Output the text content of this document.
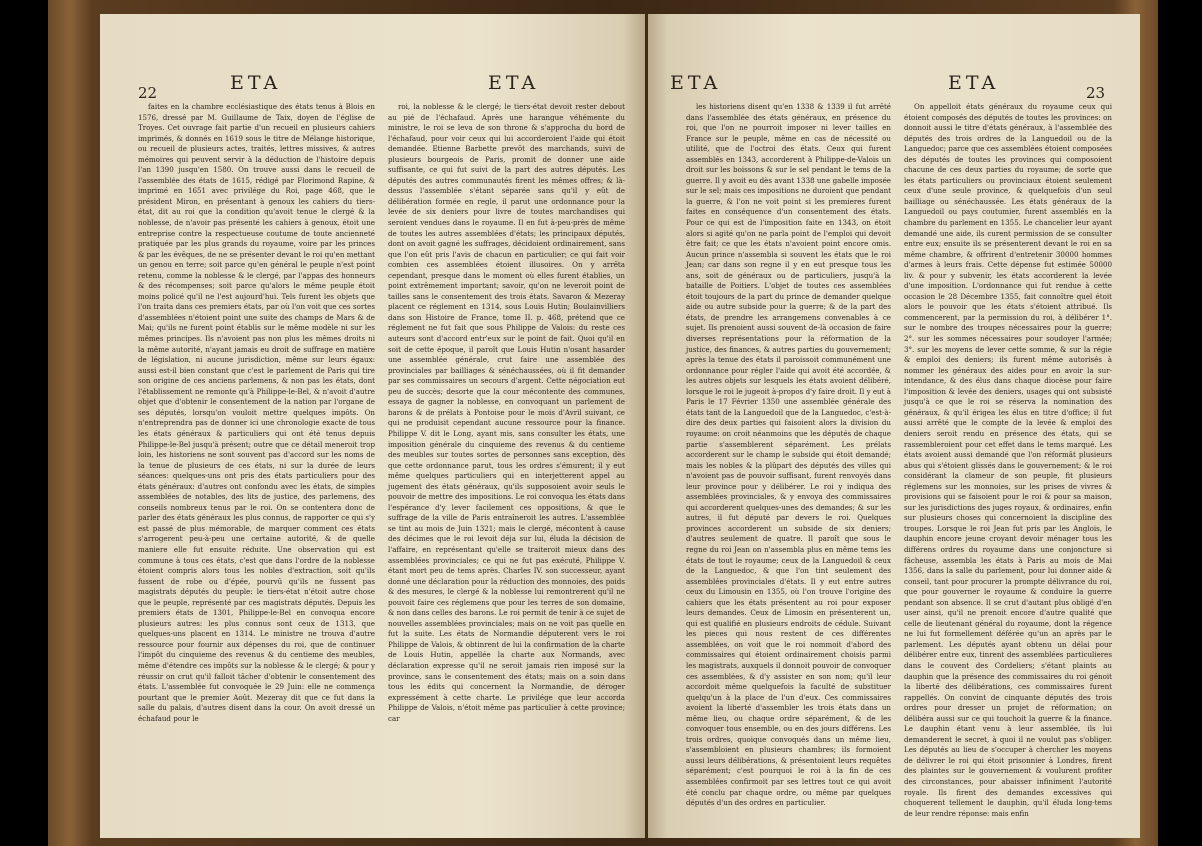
22	ETA	ETA

faites en la chambre ecclésiastique des états tenus à Blois en 1576, dressé par M. Guillaume de Taix, doyen de l'église de Troyes. Cet ouvrage fait partie d'un recueil en plusieurs cahiers imprimés, & donnés en 1619 sous le titre de Mélange historique, ou recueil de plusieurs actes, traités, lettres missives, & autres mémoires qui peuvent servir à la déduction de l'histoire depuis l'an 1390 jusqu'en 1580. On trouve aussi dans le recueil de l'assemblée des états de 1615, rédigé par Florimond Rapine, & imprimé en 1651 avec privilége du Roi, page 468, que le président Miron, en présentant à genoux les cahiers du tiers-état, dit au roi que la condition qu'avoit tenue le clergé & la noblesse, de n'avoir pas présenté les cahiers à genoux, étoit une entreprise contre la respectueuse coutume de toute ancienneté pratiquée par les plus grands du royaume, voire par les princes & par les évêques, de ne se présenter devant le roi qu'en mettant un genou en terre; soit parce qu'en général le peuple n'est point retenu, comme la noblesse & le clergé, par l'appas des honneurs & des récompenses; soit parce qu'alors le même peuple étoit moins policé qu'il ne l'est aujourd'hui. Tels furent les objets que l'on traita dans ces premiers états, par où l'on voit que ces sortes d'assemblées n'étoient point une suite des champs de Mars & de Mai; qu'ils ne furent point établis sur le même modèle ni sur les mêmes principes. Ils n'avoient pas non plus les mêmes droits ni la même autorité, n'ayant jamais eu droit de suffrage en matière de législation, ni aucune jurisdiction, même sur leurs égaux: aussi est-il bien constant que c'est le parlement de Paris qui tire son origine de ces anciens parlemens, & non pas les états, dont l'établissement ne remonte qu'à Philippe-le-Bel, & n'avoit d'autre objet que d'obtenir le consentement de la nation par l'organe de ses députés, lorsqu'on vouloit mettre quelques impôts. On n'entreprendra pas de donner ici une chronologie exacte de tous les états généraux & particuliers qui ont été tenus depuis Philippe-le-Bel jusqu'à présent; outre que ce détail meneroit trop loin, les historiens ne sont souvent pas d'accord sur les noms de la tenue de plusieurs de ces états, ni sur la durée de leurs séances: quelques-uns ont pris des états particuliers pour des états généraux: d'autres ont confondu avec les états, de simples assemblées de notables, des lits de justice, des parlemens, des conseils nombreux tenus par le roi. On se contentera donc de parler des états généraux les plus connus, de rapporter ce qui s'y est passé de plus mémorable, de marquer comment ces états s'arrogerent peu-à-peu une certaine autorité, & de quelle maniere elle fut ensuite réduite. Une observation qui est commune à tous ces états, c'est que dans l'ordre de la noblesse étoient compris alors tous les nobles d'extraction, soit qu'ils fussent de robe ou d'épée, pourvû qu'ils ne fussent pas magistrats députés du peuple: le tiers-état n'étoit autre chose que le peuple, représenté par ces magistrats députés. Depuis les premiers états de 1301, Philippe-le-Bel en convoqua encore plusieurs autres: les plus connus sont ceux de 1313, que quelques-uns placent en 1314. Le ministre ne trouva d'autre ressource pour fournir aux dépenses du roi, que de continuer l'impôt du cinquieme des revenus & du centieme des meubles, même d'étendre ces impôts sur la noblesse & le clergé; & pour y réussir on crut qu'il falloit tâcher d'obtenir le consentement des états. L'assemblée fut convoquée le 29 Juin: elle ne commença pourtant que le premier Août. Mezeray dit que ce fut dans la salle du palais, d'autres disent dans la cour. On avoit dressé un échafaud pour le

roi, la noblesse & le clergé; le tiers-état devoit rester debout au pié de l'échafaud. Après une harangue véhémente du ministre, le roi se leva de son throne & s'approcha du bord de l'échafaud, pour voir ceux qui lui accorderoient l'aide qui étoit demandée. Etienne Barbette prevôt des marchands, suivi de plusieurs bourgeois de Paris, promit de donner une aide suffisante, ce qui fut suivi de la part des autres députés. Les députés des autres communautés firent les mêmes offres; & là-dessus l'assemblée s'étant séparée sans qu'il y eût de délibération formée en regle, il parut une ordonnance pour la levée de six deniers pour livre de toutes marchandises qui seroient vendues dans le royaume. Il en fut à-peu-près de même de toutes les autres assemblées d'états; les principaux députés, dont on avoit gagné les suffrages, décidoient ordinairement, sans que l'on eût pris l'avis de chacun en particulier; ce qui fait voir combien ces assemblées étoient illusoires. On y arrêta cependant, presque dans le moment où elles furent établies, un point extrêmement important; savoir, qu'on ne leveroit point de tailles sans le consentement des trois états. Savaron & Mezeray placent ce réglement en 1314, sous Louis Hutin; Boulainvilliers dans son Histoire de France, tome II. p. 468, prétend que ce réglement ne fut fait que sous Philippe de Valois: du reste ces auteurs sont d'accord entr'eux sur le point de fait. Quoi qu'il en soit de cette époque, il paroît que Louis Hutin n'osant hasarder une assemblée générale, crut faire une assemblée des provinciales par bailliages & sénéchaussées, où il fit demander par ses commissaires un secours d'argent. Cette négociation eut peu de succès; desorte que la cour mécontente des communes, essaya de gagner la noblesse, en convoquant un parlement de barons & de prélats à Pontoise pour le mois d'Avril suivant, ce qui ne produisit cependant aucune ressource pour la finance. Philippe V. dit le Long, ayant mis, sans consulter les états, une imposition générale du cinquieme des revenus & du centieme des meubles sur toutes sortes de personnes sans exception, dès que cette ordonnance parut, tous les ordres s'émurent; il y eut même quelques particuliers qui en interjetterent appel au jugement des états généraux, qu'ils supposoient avoir seuls le pouvoir de mettre des impositions. Le roi convoqua les états dans l'espérance d'y lever facilement ces oppositions, & que le suffrage de la ville de Paris entraîneroit les autres. L'assemblée se tint au mois de Juin 1321; mais le clergé, mécontent à cause des décimes que le roi levoit déja sur lui, éluda la décision de l'affaire, en représentant qu'elle se traiteroit mieux dans des assemblées provinciales; ce qui ne fut pas exécuté, Philippe V. étant mort peu de tems après. Charles IV. son successeur, ayant donné une déclaration pour la réduction des monnoies, des poids & des mesures, le clergé & la noblesse lui remontrerent qu'il ne pouvoit faire ces réglemens que pour les terres de son domaine, & non dans celles des barons. Le roi permit de tenir à ce sujet de nouvelles assemblées provinciales; mais on ne voit pas quelle en fut la suite. Les états de Normandie députerent vers le roi Philippe de Valois, & obtinrent de lui la confirmation de la charte de Louis Hutin, appellée la charte aux Normands, avec déclaration expresse qu'il ne seroit jamais rien imposé sur la province, sans le consentement des états; mais on a soin dans tous les édits qui concernent la Normandie, de déroger expressément à cette charte. Le privilége que leur accorda Philippe de Valois, n'étoit même pas particulier à cette province; car

ETA	ETA	23

les historiens disent qu'en 1338 & 1339 il fut arrêté dans l'assemblée des états généraux, en présence du roi, que l'on ne pourroit imposer ni lever tailles en France sur le peuple, même en cas de nécessité ou utilité, que de l'octroi des états. Ceux qui furent assemblés en 1343, accorderent à Philippe-de-Valois un droit sur les boissons & sur le sel pendant le tems de la guerre. Il y avoit eu dès avant 1338 une gabelle imposée sur le sel; mais ces impositions ne duroient que pendant la guerre, & l'on ne voit point si les premieres furent faites en conséquence d'un consentement des états. Pour ce qui est de l'imposition faite en 1343, on étoit alors si agité qu'on ne parla point de l'emploi qui devoit être fait; ce que les états n'avoient point encore omis. Aucun prince n'assembla si souvent les états que le roi Jean; car dans son regne il y en eut presque tous les ans, soit de généraux ou de particuliers, jusqu'à la bataille de Poitiers. L'objet de toutes ces assemblées étoit toujours de la part du prince de demander quelque aide ou autre subside pour la guerre; & de la part des états, de prendre les arrangemens convenables à ce sujet. Ils prenoient aussi souvent de-là occasion de faire diverses représentations pour la réformation de la justice, des finances, & autres parties du gouvernement; après la tenue des états il paroissoit communément une ordonnance pour régler l'aide qui avoit été accordée, & les autres objets sur lesquels les états avoient délibéré, lorsque le roi le jugeoit à-propos d'y faire droit. Il y eut à Paris le 17 Février 1350 une assemblée générale des états tant de la Languedoil que de la Languedoc, c'est-à-dire des deux parties qui faisoient alors la division du royaume: on croit néanmoins que les députés de chaque partie s'assemblerent séparément. Les prélats accorderent sur le champ le subside qui étoit demandé; mais les nobles & la plûpart des députés des villes qui n'avoient pas de pouvoir suffisant, furent renvoyés dans leur province pour y délibérer. Le roi y indiqua des assemblées provinciales, & y envoya des commissaires qui accorderent quelques-unes des demandes; & sur les autres, il fut député par devers le roi. Quelques provinces accorderent un subside de six deniers; d'autres seulement de quatre. Il paroît que sous le regne du roi Jean on n'assembla plus en même tems les états de tout le royaume; ceux de la Languedoil & ceux de la Languedoc, & que l'on tint seulement des assemblées provinciales d'états. Il y eut entre autres ceux du Limousin en 1355, où l'on trouve l'origine des cahiers que les états présentent au roi pour exposer leurs demandes. Ceux de Limosin en présenterent un, qui est qualifié en plusieurs endroits de cédule. Suivant les pieces qui nous restent de ces différentes assemblées, on voit que le roi nommoit d'abord des commissaires qui étoient ordinairement choisis parmi les magistrats, auxquels il donnoit pouvoir de convoquer ces assemblées, & d'y assister en son nom; qu'il leur accordoit même quelquefois la faculté de substituer quelqu'un à la place de l'un d'eux. Ces commissaires avoient la liberté d'assembler les trois états dans un même lieu, ou chaque ordre séparément, & de les convoquer tous ensemble, ou en des jours différens. Les trois ordres, quoique convoqués dans un même lieu, s'assembloient en plusieurs chambres; ils formoient aussi leurs délibérations, & présentoient leurs requêtes séparément; c'est pourquoi le roi à la fin de ces assemblées confirmoit par ses lettres tout ce qui avoit été conclu par chaque ordre, ou même par quelques députés d'un des ordres en particulier.

On appelloit états généraux du royaume ceux qui étoient composés des députés de toutes les provinces: on donnoit aussi le titre d'états généraux, à l'assemblée des députés des trois ordres de la Languedoil ou de la Languedoc; parce que ces assemblées étoient composées des députés de toutes les provinces qui composoient chacune de ces deux parties du royaume; de sorte que les états particuliers ou provinciaux étoient seulement ceux d'une seule province, & quelquefois d'un seul bailliage ou sénéchaussée. Les états généraux de la Languedoil ou pays coutumier, furent assemblés en la chambre du parlement en 1355. Le chancelier leur ayant demandé une aide, ils curent permission de se consulter entre eux; ensuite ils se présenterent devant le roi en sa même chambre, & offrirent d'entretenir 30000 hommes d'armes à leurs frais. Cette dépense fut estimée 50000 liv. & pour y subvenir, les états accorderent la levée d'une imposition. L'ordonnance qui fut rendue à cette occasion le 28 Décembre 1355, fait connoître quel étoit alors le pouvoir que les états s'étoient attribué. Ils commencerent, par la permission du roi, à délibérer 1°. sur le nombre des troupes nécessaires pour la guerre; 2°. sur les sommes nécessaires pour soudoyer l'armée; 3°. sur les moyens de lever cette somme, & sur la régie & emploi des deniers; ils furent même autorisés à nommer les généraux des aides pour en avoir la sur-intendance, & des élus dans chaque diocèse pour faire l'imposition & levée des deniers, usages qui ont subsisté jusqu'à ce que le roi se réserva la nomination des généraux, & qu'il érigea les élus en titre d'office; il fut aussi arrêté que le compte de la levée & emploi des deniers seroit rendu en présence des états, qui se rassembleroient pour cet effet dans le tems marqué. Les états avoient aussi demandé que l'on réformât plusieurs abus qui s'étoient glissés dans le gouvernement; & le roi considérant la clameur de son peuple, fit plusieurs réglemens sur les monnoies, sur les prises de vivres & provisions qui se faisoient pour le roi & pour sa maison, sur les jurisdictions des juges royaux, & ordinaires, enfin sur plusieurs choses qui concernoient la discipline des troupes. Lorsque le roi Jean fut pris par les Anglois, le dauphin encore jeune croyant devoir ménager tous les différens ordres du royaume dans une conjoncture si fâcheuse, assembla les états à Paris au mois de Mai 1356, dans la salle du parlement, pour lui donner aide & conseil, tant pour procurer la prompte délivrance du roi, que pour gouverner le royaume & conduire la guerre pendant son absence. Il se crut d'autant plus obligé d'en user ainsi, qu'il ne prenoit encore d'autre qualité que celle de lieutenant général du royaume, dont la régence ne lui fut formellement déférée qu'un an après par le parlement. Les députés ayant obtenu un délai pour délibérer entre eux, tinrent des assemblées particulieres dans le couvent des Cordeliers; s'étant plaints au dauphin que la présence des commissaires du roi génoit la liberté des délibérations, ces commissaires furent rappellés. On convint de cinquante députés des trois ordres pour dresser un projet de réformation; on délibéra aussi sur ce qui touchoit la guerre & la finance. Le dauphin étant venu à leur assemblée, ils lui demanderent le secret, à quoi il ne voulut pas s'obliger. Les députés au lieu de s'occuper à chercher les moyens de délivrer le roi qui étoit prisonnier à Londres, firent des plaintes sur le gouvernement & voulurent profiter des circonstances, pour abaisser infiniment l'autorité royale. Ils firent des demandes excessives qui choquerent tellement le dauphin, qu'il éluda long-tems de leur rendre réponse: mais enfin
